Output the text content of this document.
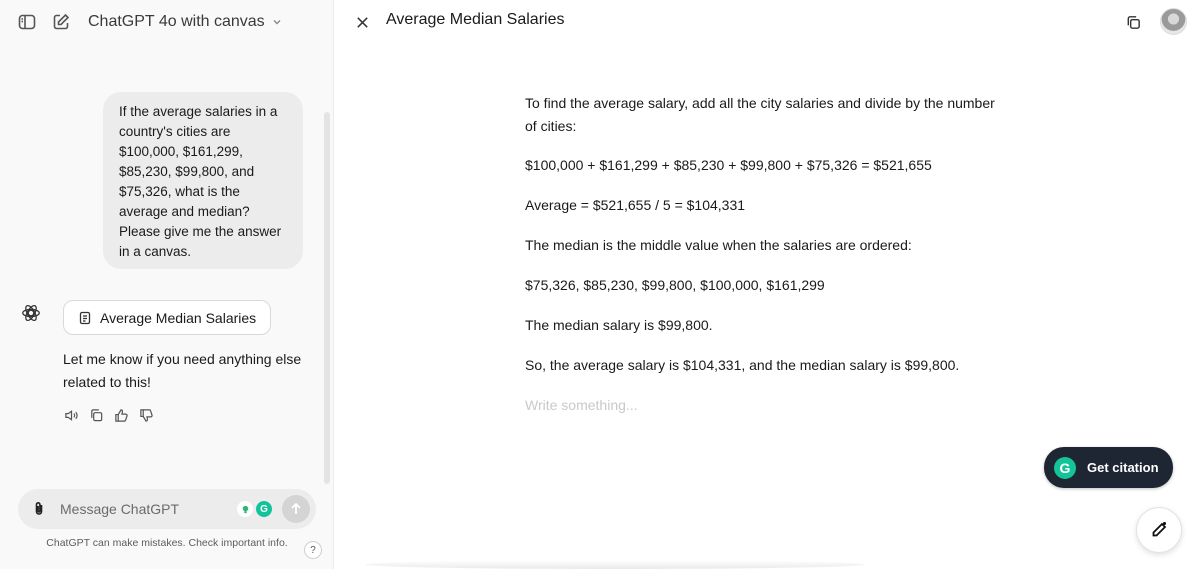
ChatGPT 4o with canvas
If the average salaries in a country's cities are $100,000, $161,299, $85,230, $99,800, and $75,326, what is the average and median? Please give me the answer in a canvas.
Average Median Salaries
Let me know if you need anything else related to this!
Message ChatGPT	G
ChatGPT can make mistakes. Check important info.
?
Average Median Salaries

To find the average salary, add all the city salaries and divide by the number of cities:

$100,000 + $161,299 + $85,230 + $99,800 + $75,326 = $521,655

Average = $521,655 / 5 = $104,331

The median is the middle value when the salaries are ordered:

$75,326, $85,230, $99,800, $100,000, $161,299

The median salary is $99,800.

So, the average salary is $104,331, and the median salary is $99,800.

Write something...

G	Get citation
